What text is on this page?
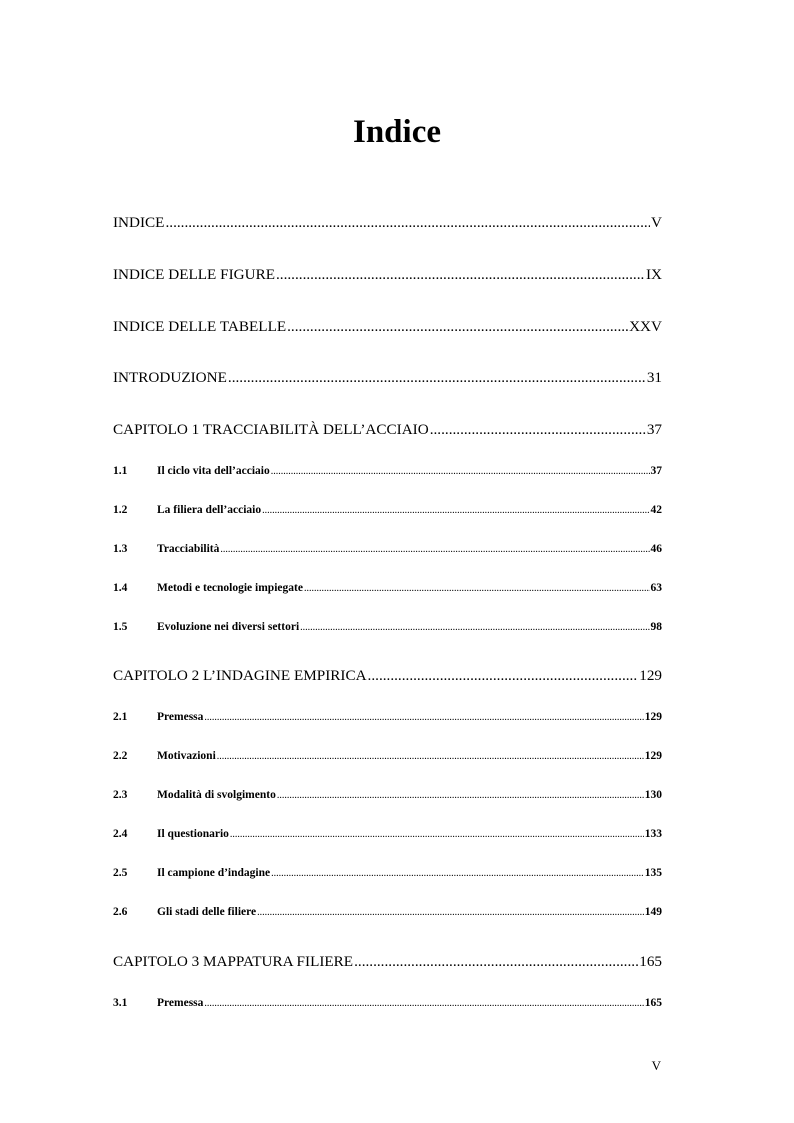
Indice
INDICE .....	V
INDICE DELLE FIGURE .....	IX
INDICE DELLE TABELLE .....	XXV
INTRODUZIONE .....	31
CAPITOLO 1 TRACCIABILITÀ DELL’ACCIAIO .....	37
1.1	Il ciclo vita dell’acciaio .....	37
1.2	La filiera dell’acciaio .....	42
1.3	Tracciabilità .....	46
1.4	Metodi e tecnologie impiegate .....	63
1.5	Evoluzione nei diversi settori .....	98
CAPITOLO 2 L’INDAGINE EMPIRICA .....	129
2.1	Premessa .....	129
2.2	Motivazioni .....	129
2.3	Modalità di svolgimento .....	130
2.4	Il questionario .....	133
2.5	Il campione d’indagine .....	135
2.6	Gli stadi delle filiere .....	149
CAPITOLO 3 MAPPATURA FILIERE .....	165
3.1	Premessa .....	165
V
